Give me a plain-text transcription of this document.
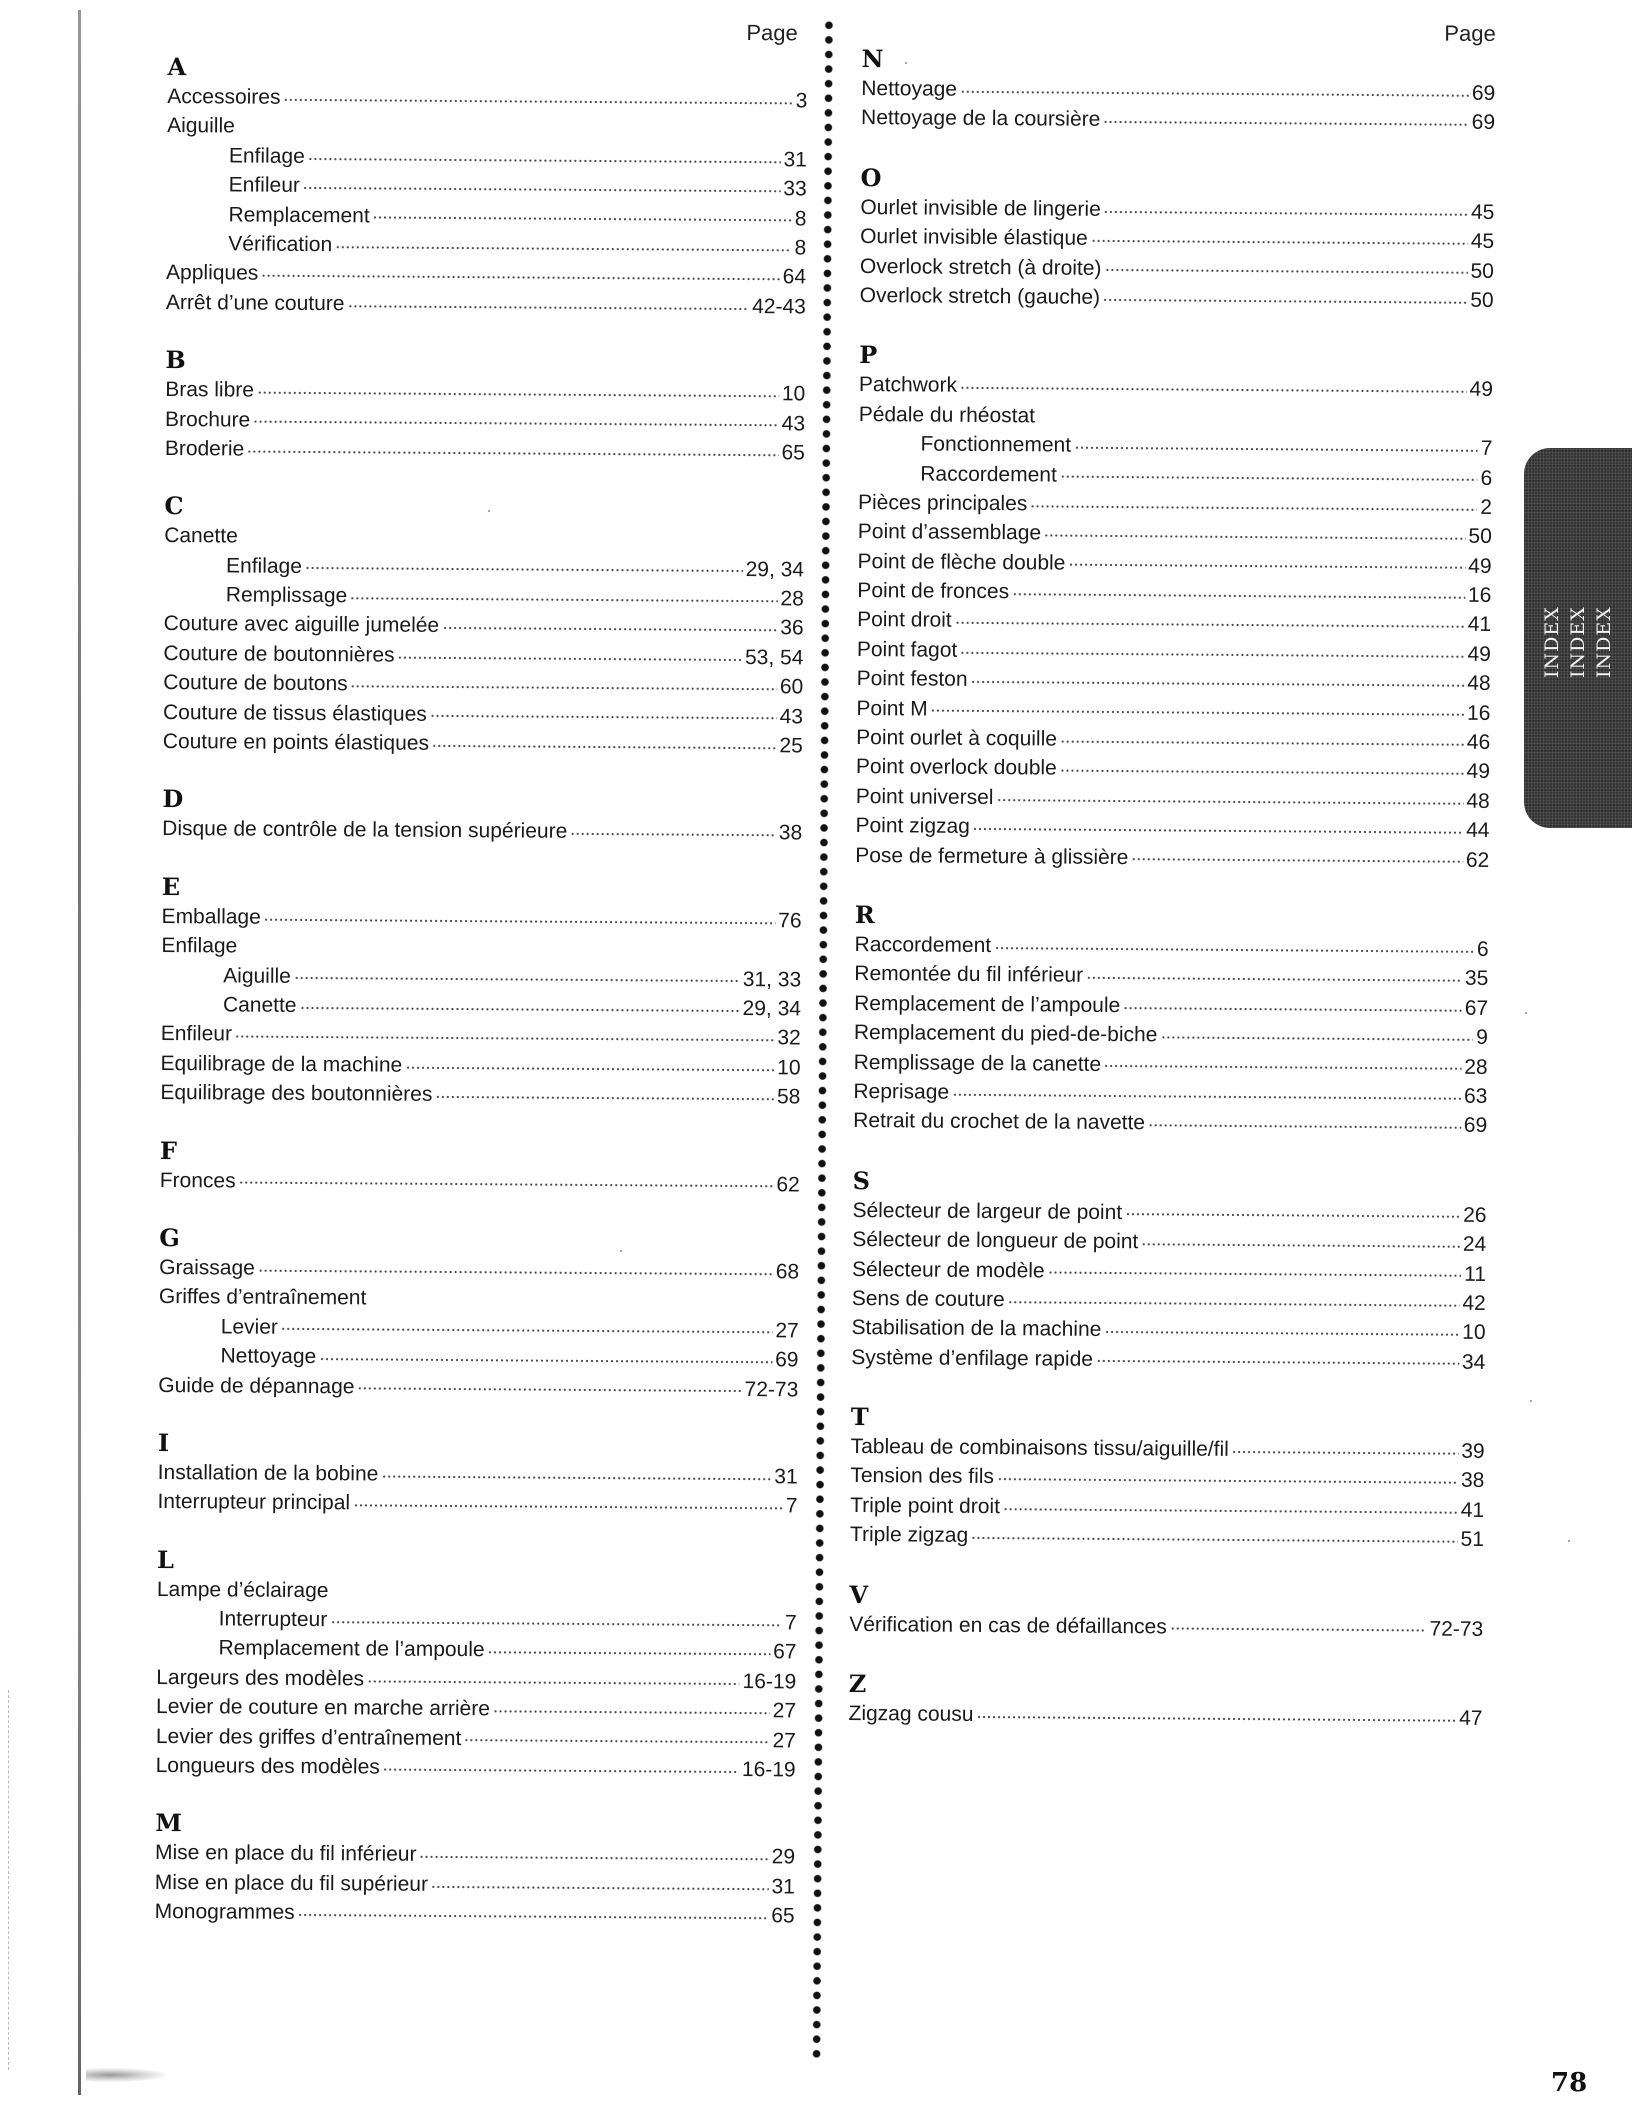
Page
A
Accessoires	3
Aiguille
Enfilage	31
Enfileur	33
Remplacement	8
Vérification	8
Appliques	64
Arrêt d’une couture	42-43
B
Bras libre	10
Brochure	43
Broderie	65
C
Canette
Enfilage	29, 34
Remplissage	28
Couture avec aiguille jumelée	36
Couture de boutonnières	53, 54
Couture de boutons	60
Couture de tissus élastiques	43
Couture en points élastiques	25
D
Disque de contrôle de la tension supérieure	38
E
Emballage	76
Enfilage
Aiguille	31, 33
Canette	29, 34
Enfileur	32
Equilibrage de la machine	10
Equilibrage des boutonnières	58
F
Fronces	62
G
Graissage	68
Griffes d’entraînement
Levier	27
Nettoyage	69
Guide de dépannage	72-73
I
Installation de la bobine	31
Interrupteur principal	7
L
Lampe d’éclairage
Interrupteur	7
Remplacement de l’ampoule	67
Largeurs des modèles	16-19
Levier de couture en marche arrière	27
Levier des griffes d’entraînement	27
Longueurs des modèles	16-19
M
Mise en place du fil inférieur	29
Mise en place du fil supérieur	31
Monogrammes	65
Page
N
Nettoyage	69
Nettoyage de la coursière	69
O
Ourlet invisible de lingerie	45
Ourlet invisible élastique	45
Overlock stretch (à droite)	50
Overlock stretch (gauche)	50
P
Patchwork	49
Pédale du rhéostat
Fonctionnement	7
Raccordement	6
Pièces principales	2
Point d’assemblage	50
Point de flèche double	49
Point de fronces	16
Point droit	41
Point fagot	49
Point feston	48
Point M	16
Point ourlet à coquille	46
Point overlock double	49
Point universel	48
Point zigzag	44
Pose de fermeture à glissière	62
R
Raccordement	6
Remontée du fil inférieur	35
Remplacement de l’ampoule	67
Remplacement du pied-de-biche	9
Remplissage de la canette	28
Reprisage	63
Retrait du crochet de la navette	69
S
Sélecteur de largeur de point	26
Sélecteur de longueur de point	24
Sélecteur de modèle	11
Sens de couture	42
Stabilisation de la machine	10
Système d’enfilage rapide	34
T
Tableau de combinaisons tissu/aiguille/fil	39
Tension des fils	38
Triple point droit	41
Triple zigzag	51
V
Vérification en cas de défaillances	72-73
Z
Zigzag cousu	47
INDEX INDEX INDEX
78
